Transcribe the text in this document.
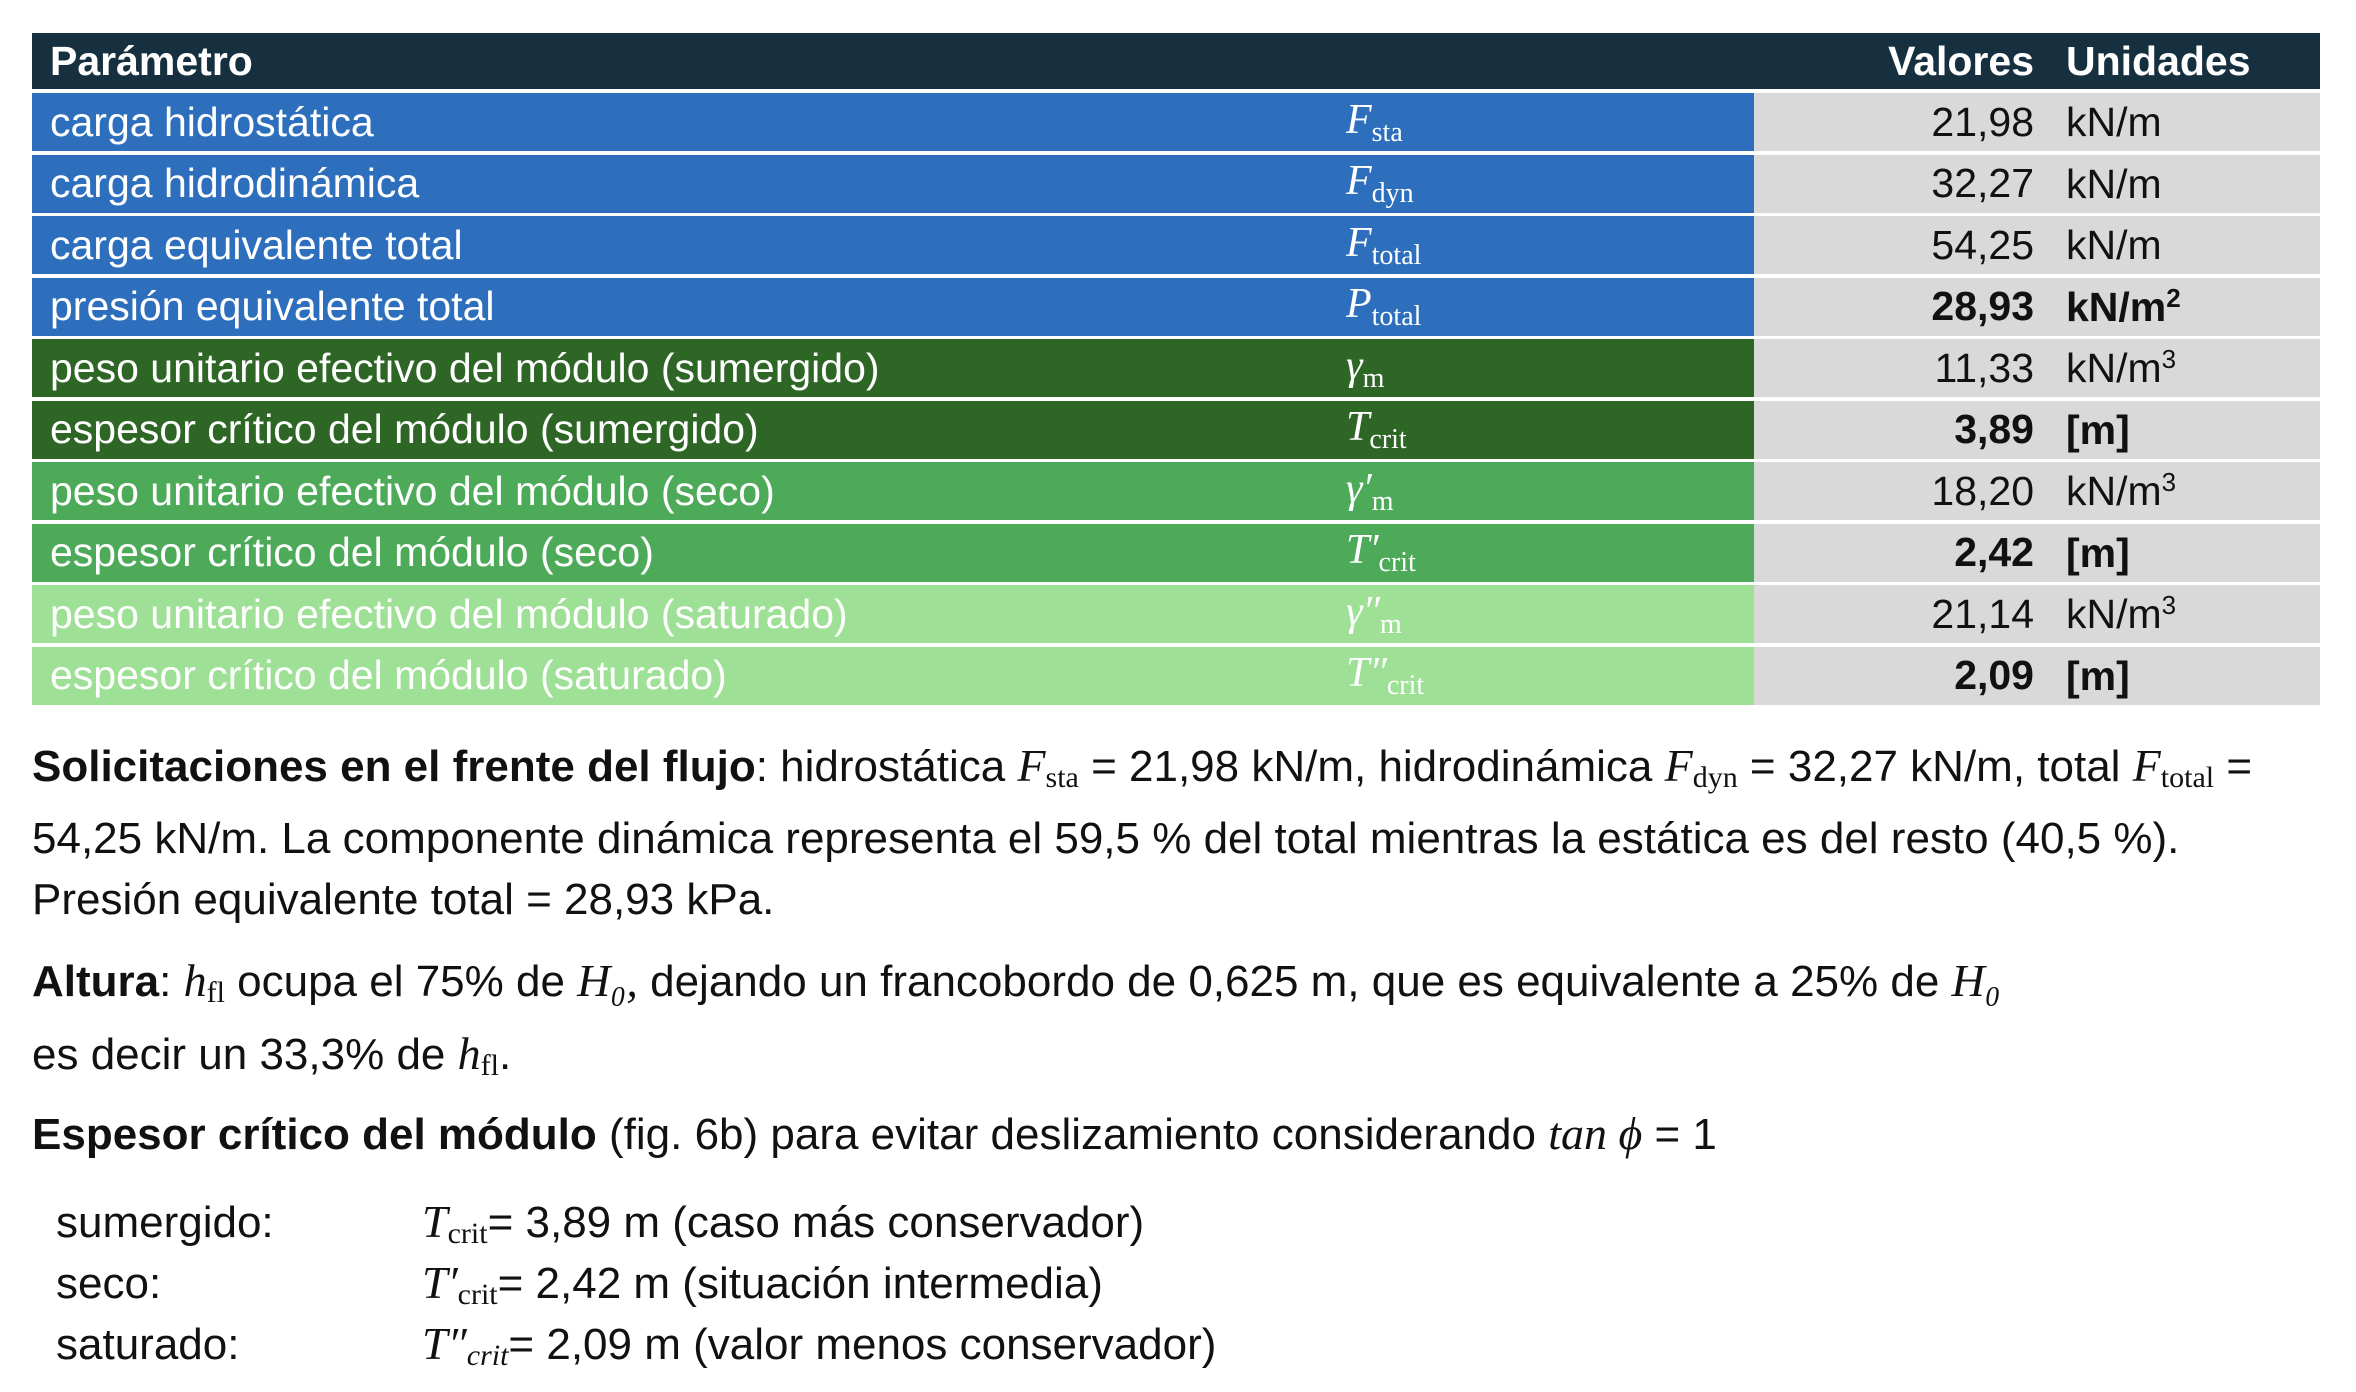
Parámetro	Valores Unidades
carga hidrostática	$F_{sta}$	21,98 kN/m
carga hidrodinámica	$F_{dyn}$	32,27 kN/m
carga equivalente total	$F_{total}$	54,25 kN/m
presión equivalente total	$P_{total}$	28,93 $kN/m^2$
peso unitario efectivo del módulo (sumergido)	$\gamma_m$	11,33 $kN/m^3$
espesor crítico del módulo (sumergido)	$T_{crit}$	3,89 [m]
peso unitario efectivo del módulo (seco)	$\gamma'_m$	18,20 $kN/m^3$
espesor crítico del módulo (seco)	$T'_{crit}$	2,42 [m]
peso unitario efectivo del módulo (saturado)	$\gamma''_m$	21,14 $kN/m^3$
espesor crítico del módulo (saturado)	$T''_{crit}$	2,09 [m]
Solicitaciones en el frente del flujo: hidrostática $F_{sta} = 21,98$ kN/m, hidrodinámica $F_{dyn} = 32,27$ kN/m, total $F_{total} = 54,25$ kN/m. La componente dinámica representa el 59,5 % del total mientras la estática es del resto (40,5 %). Presión equivalente total = 28,93 kPa.
Altura: $h_{fl}$ ocupa el 75% de H₀, dejando un francobordo de 0,625 m, que es equivalente a 25% de H₀
es decir un 33,3% de $h_{fl}$.
Espesor crítico del módulo (fig. 6b) para evitar deslizamiento considerando tan ϕ = 1
sumergido:	$T_{crit} = 3,89$ m (caso más conservador)
seco:	$T'_{crit} = 2,42$ m (situación intermedia)
saturado:	$T''_{crit} = 2,09$ m (valor menos conservador)
